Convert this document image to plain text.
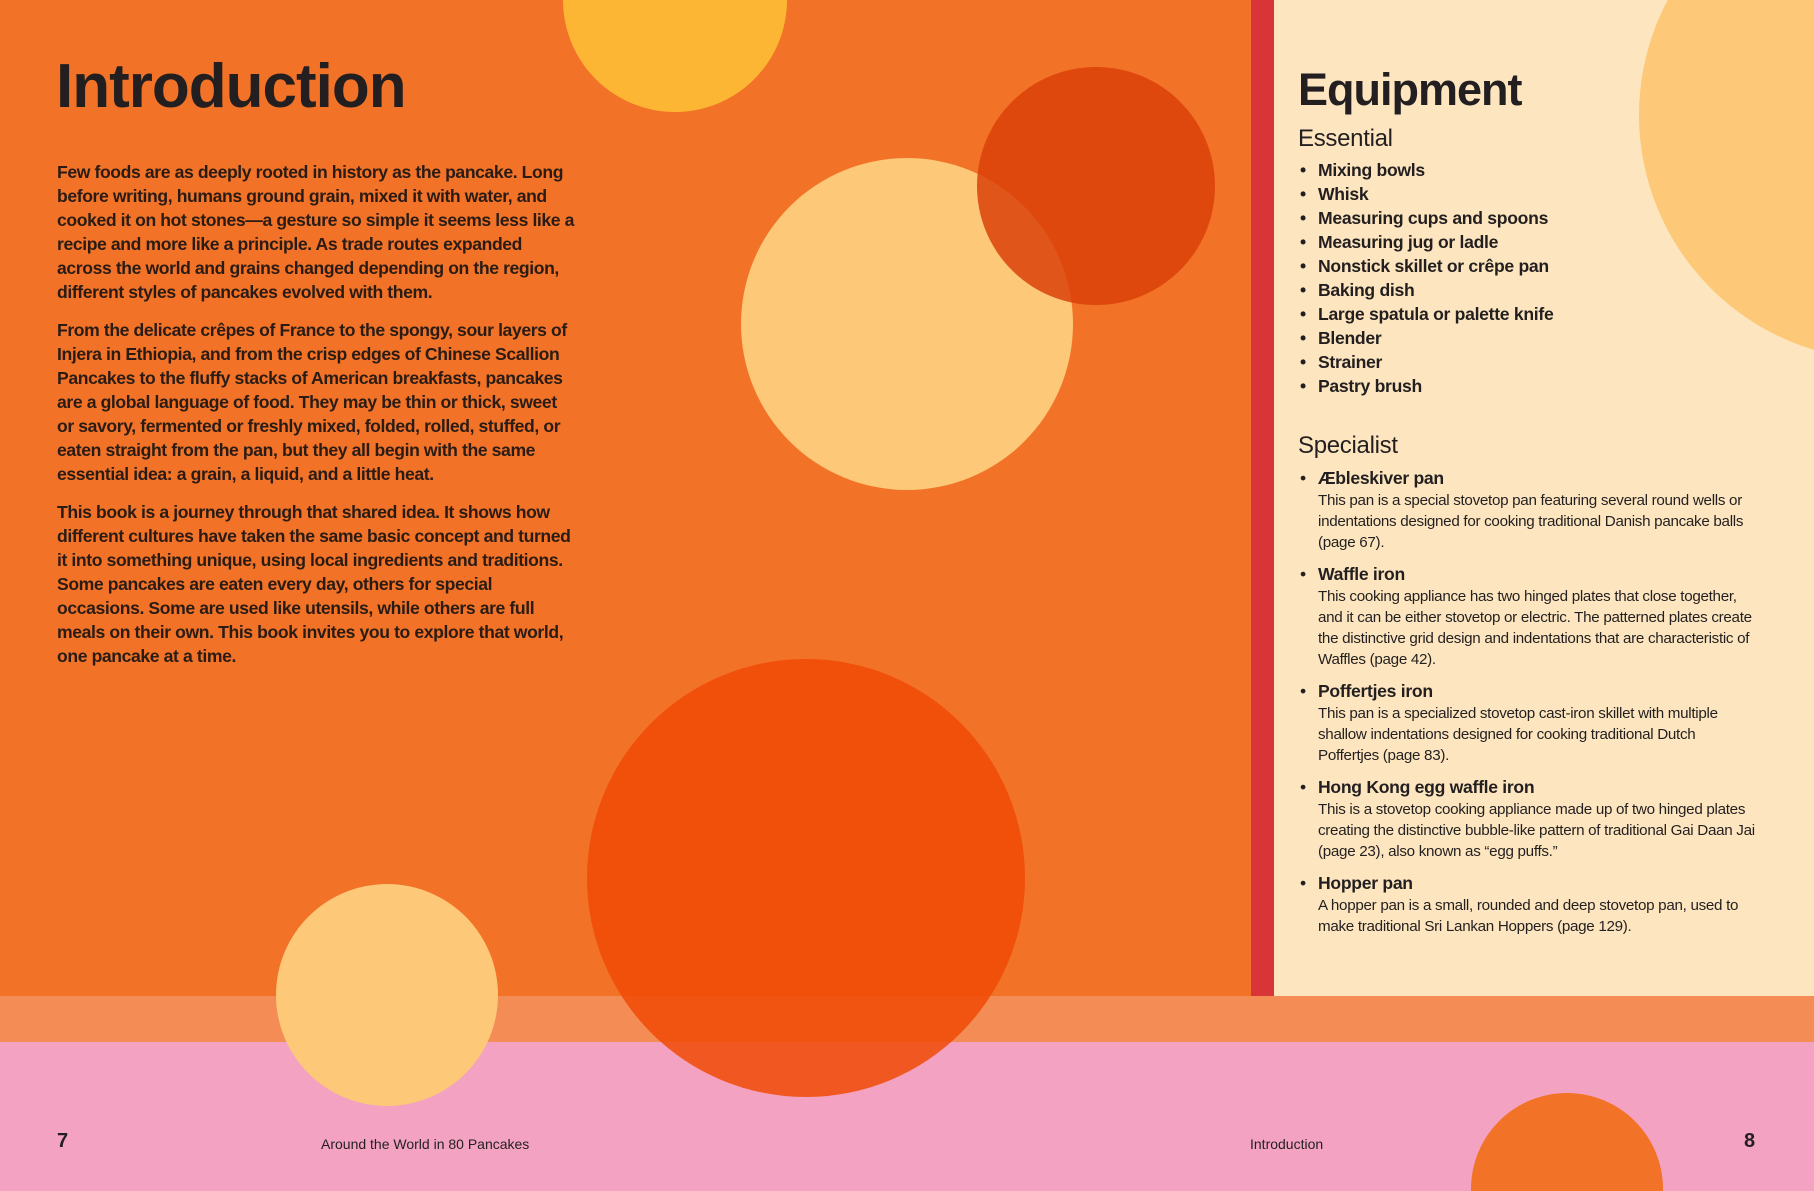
Introduction

Few foods are as deeply rooted in history as the pancake. Long before writing, humans ground grain, mixed it with water, and cooked it on hot stones—a gesture so simple it seems less like a recipe and more like a principle. As trade routes expanded across the world and grains changed depending on the region, different styles of pancakes evolved with them.

From the delicate crêpes of France to the spongy, sour layers of Injera in Ethiopia, and from the crisp edges of Chinese Scallion Pancakes to the fluffy stacks of American breakfasts, pancakes are a global language of food. They may be thin or thick, sweet or savory, fermented or freshly mixed, folded, rolled, stuffed, or eaten straight from the pan, but they all begin with the same essential idea: a grain, a liquid, and a little heat.

This book is a journey through that shared idea. It shows how different cultures have taken the same basic concept and turned it into something unique, using local ingredients and traditions. Some pancakes are eaten every day, others for special occasions. Some are used like utensils, while others are full meals on their own. This book invites you to explore that world, one pancake at a time.

Equipment
Essential
• Mixing bowls
• Whisk
• Measuring cups and spoons
• Measuring jug or ladle
• Nonstick skillet or crêpe pan
• Baking dish
• Large spatula or palette knife
• Blender
• Strainer
• Pastry brush
Specialist
• Æbleskiver pan
This pan is a special stovetop pan featuring several round wells or indentations designed for cooking traditional Danish pancake balls (page 67).
• Waffle iron
This cooking appliance has two hinged plates that close together, and it can be either stovetop or electric. The patterned plates create the distinctive grid design and indentations that are characteristic of Waffles (page 42).
• Poffertjes iron
This pan is a specialized stovetop cast-iron skillet with multiple shallow indentations designed for cooking traditional Dutch Poffertjes (page 83).
• Hong Kong egg waffle iron
This is a stovetop cooking appliance made up of two hinged plates creating the distinctive bubble-like pattern of traditional Gai Daan Jai (page 23), also known as “egg puffs.”
• Hopper pan
A hopper pan is a small, rounded and deep stovetop pan, used to make traditional Sri Lankan Hoppers (page 129).
7	Around the World in 80 Pancakes	Introduction	8
